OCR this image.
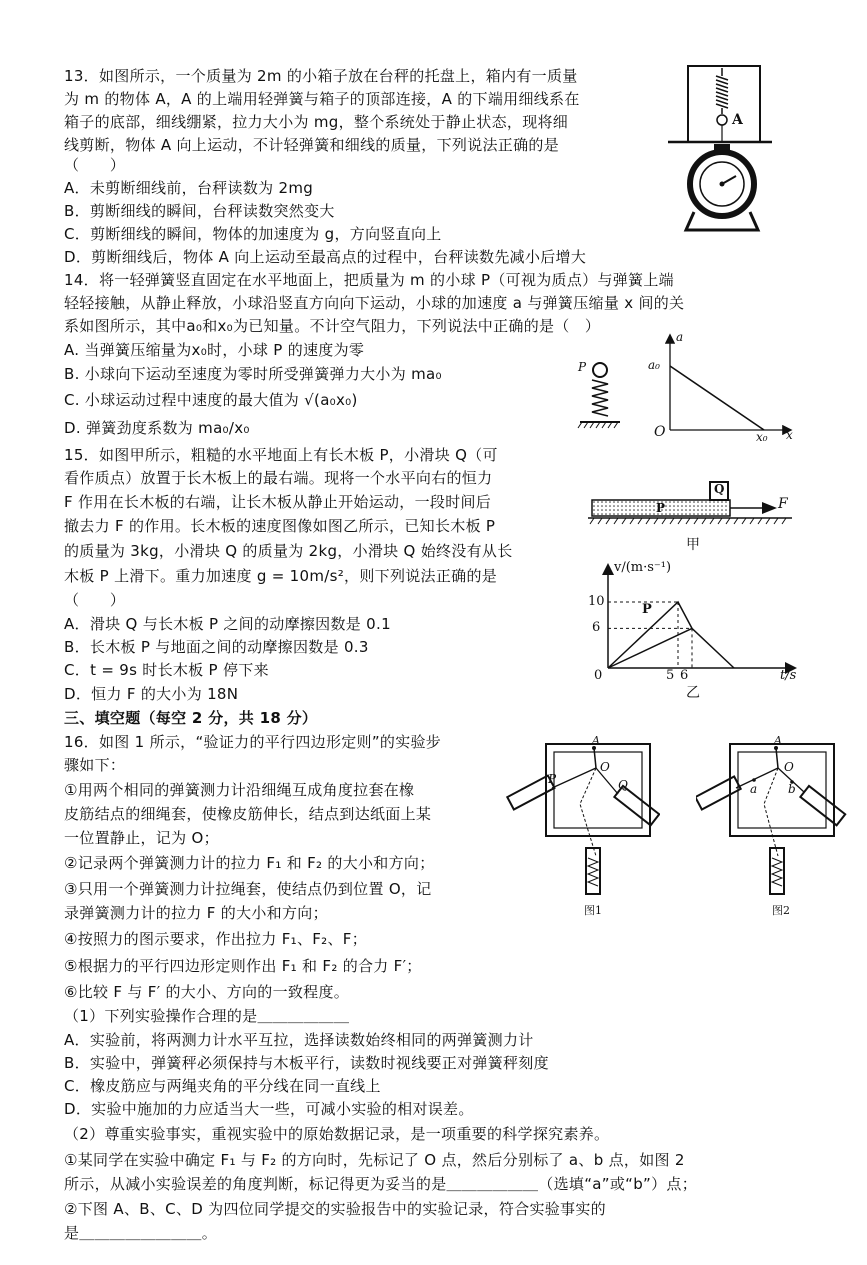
13．如图所示，一个质量为 2m 的小箱子放在台秤的托盘上，箱内有一质量
为 m 的物体 A，A 的上端用轻弹簧与箱子的顶部连接，A 的下端用细线系在
箱子的底部，细线绷紧，拉力大小为 mg，整个系统处于静止状态，现将细
线剪断，物体 A 向上运动，不计轻弹簧和细线的质量，下列说法正确的是
（　　）
A．未剪断细线前，台秤读数为 2mg
B．剪断细线的瞬间，台秤读数突然变大
C．剪断细线的瞬间，物体的加速度为 g，方向竖直向上
D．剪断细线后，物体 A 向上运动至最高点的过程中，台秤读数先减小后增大
A
14．将一轻弹簧竖直固定在水平地面上，把质量为 m 的小球 P（可视为质点）与弹簧上端
轻轻接触，从静止释放，小球沿竖直方向向下运动，小球的加速度 a 与弹簧压缩量 x 间的关
系如图所示，其中a₀和x₀为已知量。不计空气阻力，下列说法中正确的是（　）
A. 当弹簧压缩量为x₀时，小球 P 的速度为零
B. 小球向下运动至速度为零时所受弹簧弹力大小为 ma₀
C. 小球运动过程中速度的最大值为 √(a₀x₀)
D. 弹簧劲度系数为 ma₀/x₀
P
a
a₀
O	x₀ x
15．如图甲所示，粗糙的水平地面上有长木板 P，小滑块 Q（可
看作质点）放置于长木板上的最右端。现将一个水平向右的恒力
F 作用在长木板的右端，让长木板从静止开始运动，一段时间后
撤去力 F 的作用。长木板的速度图像如图乙所示，已知长木板 P
的质量为 3kg，小滑块 Q 的质量为 2kg，小滑块 Q 始终没有从长
木板 P 上滑下。重力加速度 g = 10m/s²，则下列说法正确的是
（　　）
A．滑块 Q 与长木板 P 之间的动摩擦因数是 0.1
B．长木板 P 与地面之间的动摩擦因数是 0.3
C．t = 9s 时长木板 P 停下来
D．恒力 F 的大小为 18N
Q
P	F
甲
v/(m·s⁻¹)
10
6
0	5 6	t/s
P
乙
三、填空题（每空 2 分，共 18 分）
16．如图 1 所示，“验证力的平行四边形定则”的实验步
骤如下：
①用两个相同的弹簧测力计沿细绳互成角度拉套在橡
皮筋结点的细绳套，使橡皮筋伸长，结点到达纸面上某
一位置静止，记为 O；
②记录两个弹簧测力计的拉力 F₁ 和 F₂ 的大小和方向；
③只用一个弹簧测力计拉绳套，使结点仍到位置 O，记
录弹簧测力计的拉力 F 的大小和方向；
④按照力的图示要求，作出拉力 F₁、F₂、F；
⑤根据力的平行四边形定则作出 F₁ 和 F₂ 的合力 F′；
⑥比较 F 与 F′ 的大小、方向的一致程度。
（1）下列实验操作合理的是＿＿＿＿＿＿
A．实验前，将两测力计水平互拉，选择读数始终相同的两弹簧测力计
B．实验中，弹簧秤必须保持与木板平行，读数时视线要正对弹簧秤刻度
C．橡皮筋应与两绳夹角的平分线在同一直线上
D．实验中施加的力应适当大一些，可减小实验的相对误差。
（2）尊重实验事实，重视实验中的原始数据记录，是一项重要的科学探究素养。
①某同学在实验中确定 F₁ 与 F₂ 的方向时，先标记了 O 点，然后分别标了 a、b 点，如图 2
所示，从减小实验误差的角度判断，标记得更为妥当的是＿＿＿＿＿＿（选填“a”或“b”）点；
②下图 A、B、C、D 为四位同学提交的实验报告中的实验记录，符合实验事实的
是＿＿＿＿＿＿＿＿。
A
O
P	Q
图1
A
O
a	b
图2
